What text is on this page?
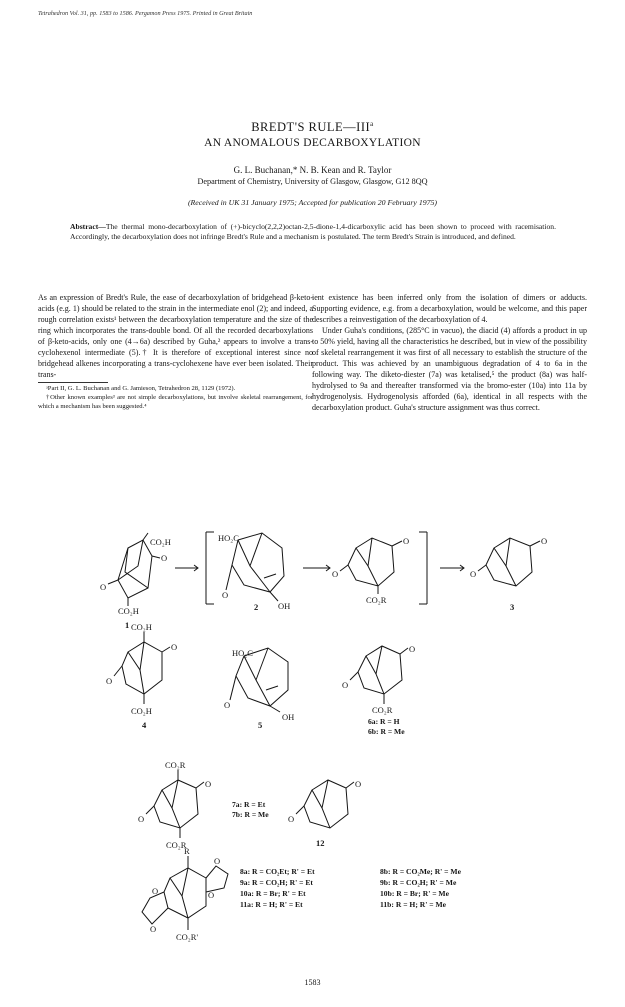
Tetrahedron Vol. 31, pp. 1583 to 1586. Pergamon Press 1975. Printed in Great Britain
BREDT'S RULE—III$^a$
AN ANOMALOUS DECARBOXYLATION
G. L. Buchanan,* N. B. Kean and R. Taylor
Department of Chemistry, University of Glasgow, Glasgow, G12 8QQ
(Received in UK 31 January 1975; Accepted for publication 20 February 1975)
Abstract—The thermal mono-decarboxylation of (+)-bicyclo(2,2,2)octan-2,5-dione-1,4-dicarboxylic acid has been shown to proceed with racemisation. Accordingly, the decarboxylation does not infringe Bredt's Rule and a mechanism is postulated. The term Bredt's Strain is introduced, and defined.

As an expression of Bredt's Rule, the ease of decarboxylation of bridgehead β-keto-acids (e.g. 1) should be related to the strain in the intermediate enol (2); and indeed, a rough correlation exists¹ between the decarboxylation temperature and the size of the ring which incorporates the trans-double bond. Of all the recorded decarboxylations of β-keto-acids, only one (4→6a) described by Guha,² appears to involve a trans-cyclohexenol intermediate (5).† It is therefore of exceptional interest since no bridgehead alkenes incorporating a trans-cyclohexene have ever been isolated. Their trans-

ᵃPart II, G. L. Buchanan and G. Jamieson, Tetrahedron 28, 1129 (1972).

†Other known examples³ are not simple decarboxylations, but involve skeletal rearrangement, for which a mechanism has been suggested.⁴

ient existence has been inferred only from the isolation of dimers or adducts. Supporting evidence, e.g. from a decarboxylation, would be welcome, and this paper describes a reinvestigation of the decarboxylation of 4.

Under Guha's conditions, (285°C in vacuo), the diacid (4) affords a product in up to 50% yield, having all the characteristics he described, but in view of the possibility of skeletal rearrangement it was first of all necessary to establish the structure of the product. This was achieved by an unambiguous degradation of 4 to 6a in the following way. The diketo-diester (7a) was ketalised,⁵ the product (8a) was half-hydrolysed to 9a and thereafter transformed via the bromo-ester (10a) into 11a by hydrogenolysis. Hydrogenolysis afforded (6a), identical in all respects with the decarboxylation product. Guha's structure assignment was thus correct.

CO₂H
O
O
CO₂H
1
HO₂C
O
OH
2
O
O
CO₂R
O
O
3
CO₂H
O
O
CO₂H
4
HO₂C
O
OH
5
O
O
CO₂R
6a: R = H
6b: R = Me
CO₂R
O
O
CO₂R
7a: R = Et
7b: R = Me
O
O
12
R
O
O
O
O
CO₂R'
8a: R = CO₂Et; R' = Et
9a: R = CO₂H; R' = Et
10a: R = Br; R' = Et
11a: R = H; R' = Et
8b: R = CO₂Me; R' = Me
9b: R = CO₂H; R' = Me
10b: R = Br; R' = Me
11b: R = H; R' = Me
1583
